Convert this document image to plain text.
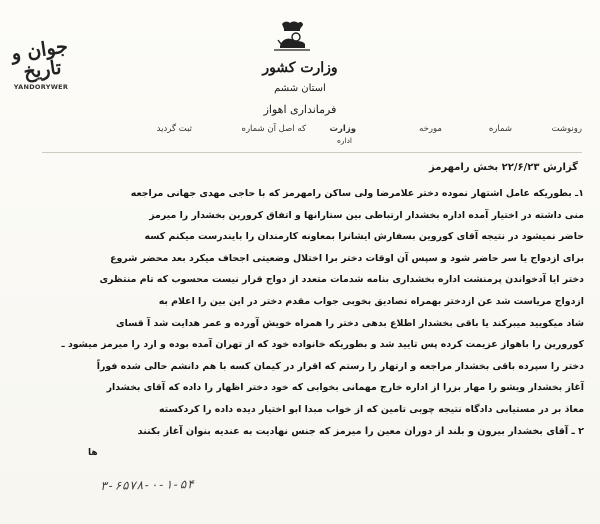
جوان و تاریخ
YANDORYWER
وزارت کشور
استان ششم
فرمانداری اهواز
رونوشت
شماره
مورخه
وزارت
اداره
که اصل آن شماره
ثبت گردید
گزارش ۲۲/۶/۲۳ بخش رامهرمز

۱ـ بطوریکه عامل اشتهار نموده دختر علامرضا ولی ساکن رامهرمز که با حاجی مهدی جهانی مراجعه

منی داشته در اختیار آمده اداره بخشدار ارتباطی بین ستارانها و اتفاق کرورین بخشدار را میرمز

حاضر نمیشود در نتیجه آقای کوروین بسفارش ایشانرا بمعاونه کارمندان را بایندرست میکنم کسه

برای ازدواج یا سر حاضر شود و سپس آن اوقات دختر برا اختلال وضعیتی اجحاف میکرد بعد محضر شروع

دختر ایا آدخواندن پرمنشت اداره بخشداری بنامه شدمات متعدد از دواج قرار نیست محسوب که تام منتظری

ازدواج مریاست شد عن ازدختر بهمراه تصادیق بخوبی جواب مقدم دختر در این بین را اعلام به

شاد میکویید میبرکند یا باقی بخشدار اطلاع بدهی دختر را همراه خویش آورده و عمر هدایت شد آ قسای

کورورین را باهواز عزیمت کرده پس تایید شد و بطوریکه خانواده خود که از تهران آمده بوده و ارد را میرمز میشود ـ

دختر را سپرده باقی بخشدار مراجعه و ارتهار را رستم که اقرار در کیمان کسه با هم دانشم حالی شده فوراً

آغاز بخشدار ویشو را مهار بزرا از اداره خارج مهمانی بخوابی که خود دختر اظهار را داده که آقای بخشدار

معاذ بر در مستیابی دادگاه نتیجه چوبی تامین که از خواب مبدا ابو اختیار دیده داده را کردکسته

۲ ـ آقای بخشدار بیرون و بلند از دوران معین را میرمز که جنس نهادیت به عندیه بنوان آغاز بکنند

ها
۳-۶۵۷۸-۰-۱-۵۴
